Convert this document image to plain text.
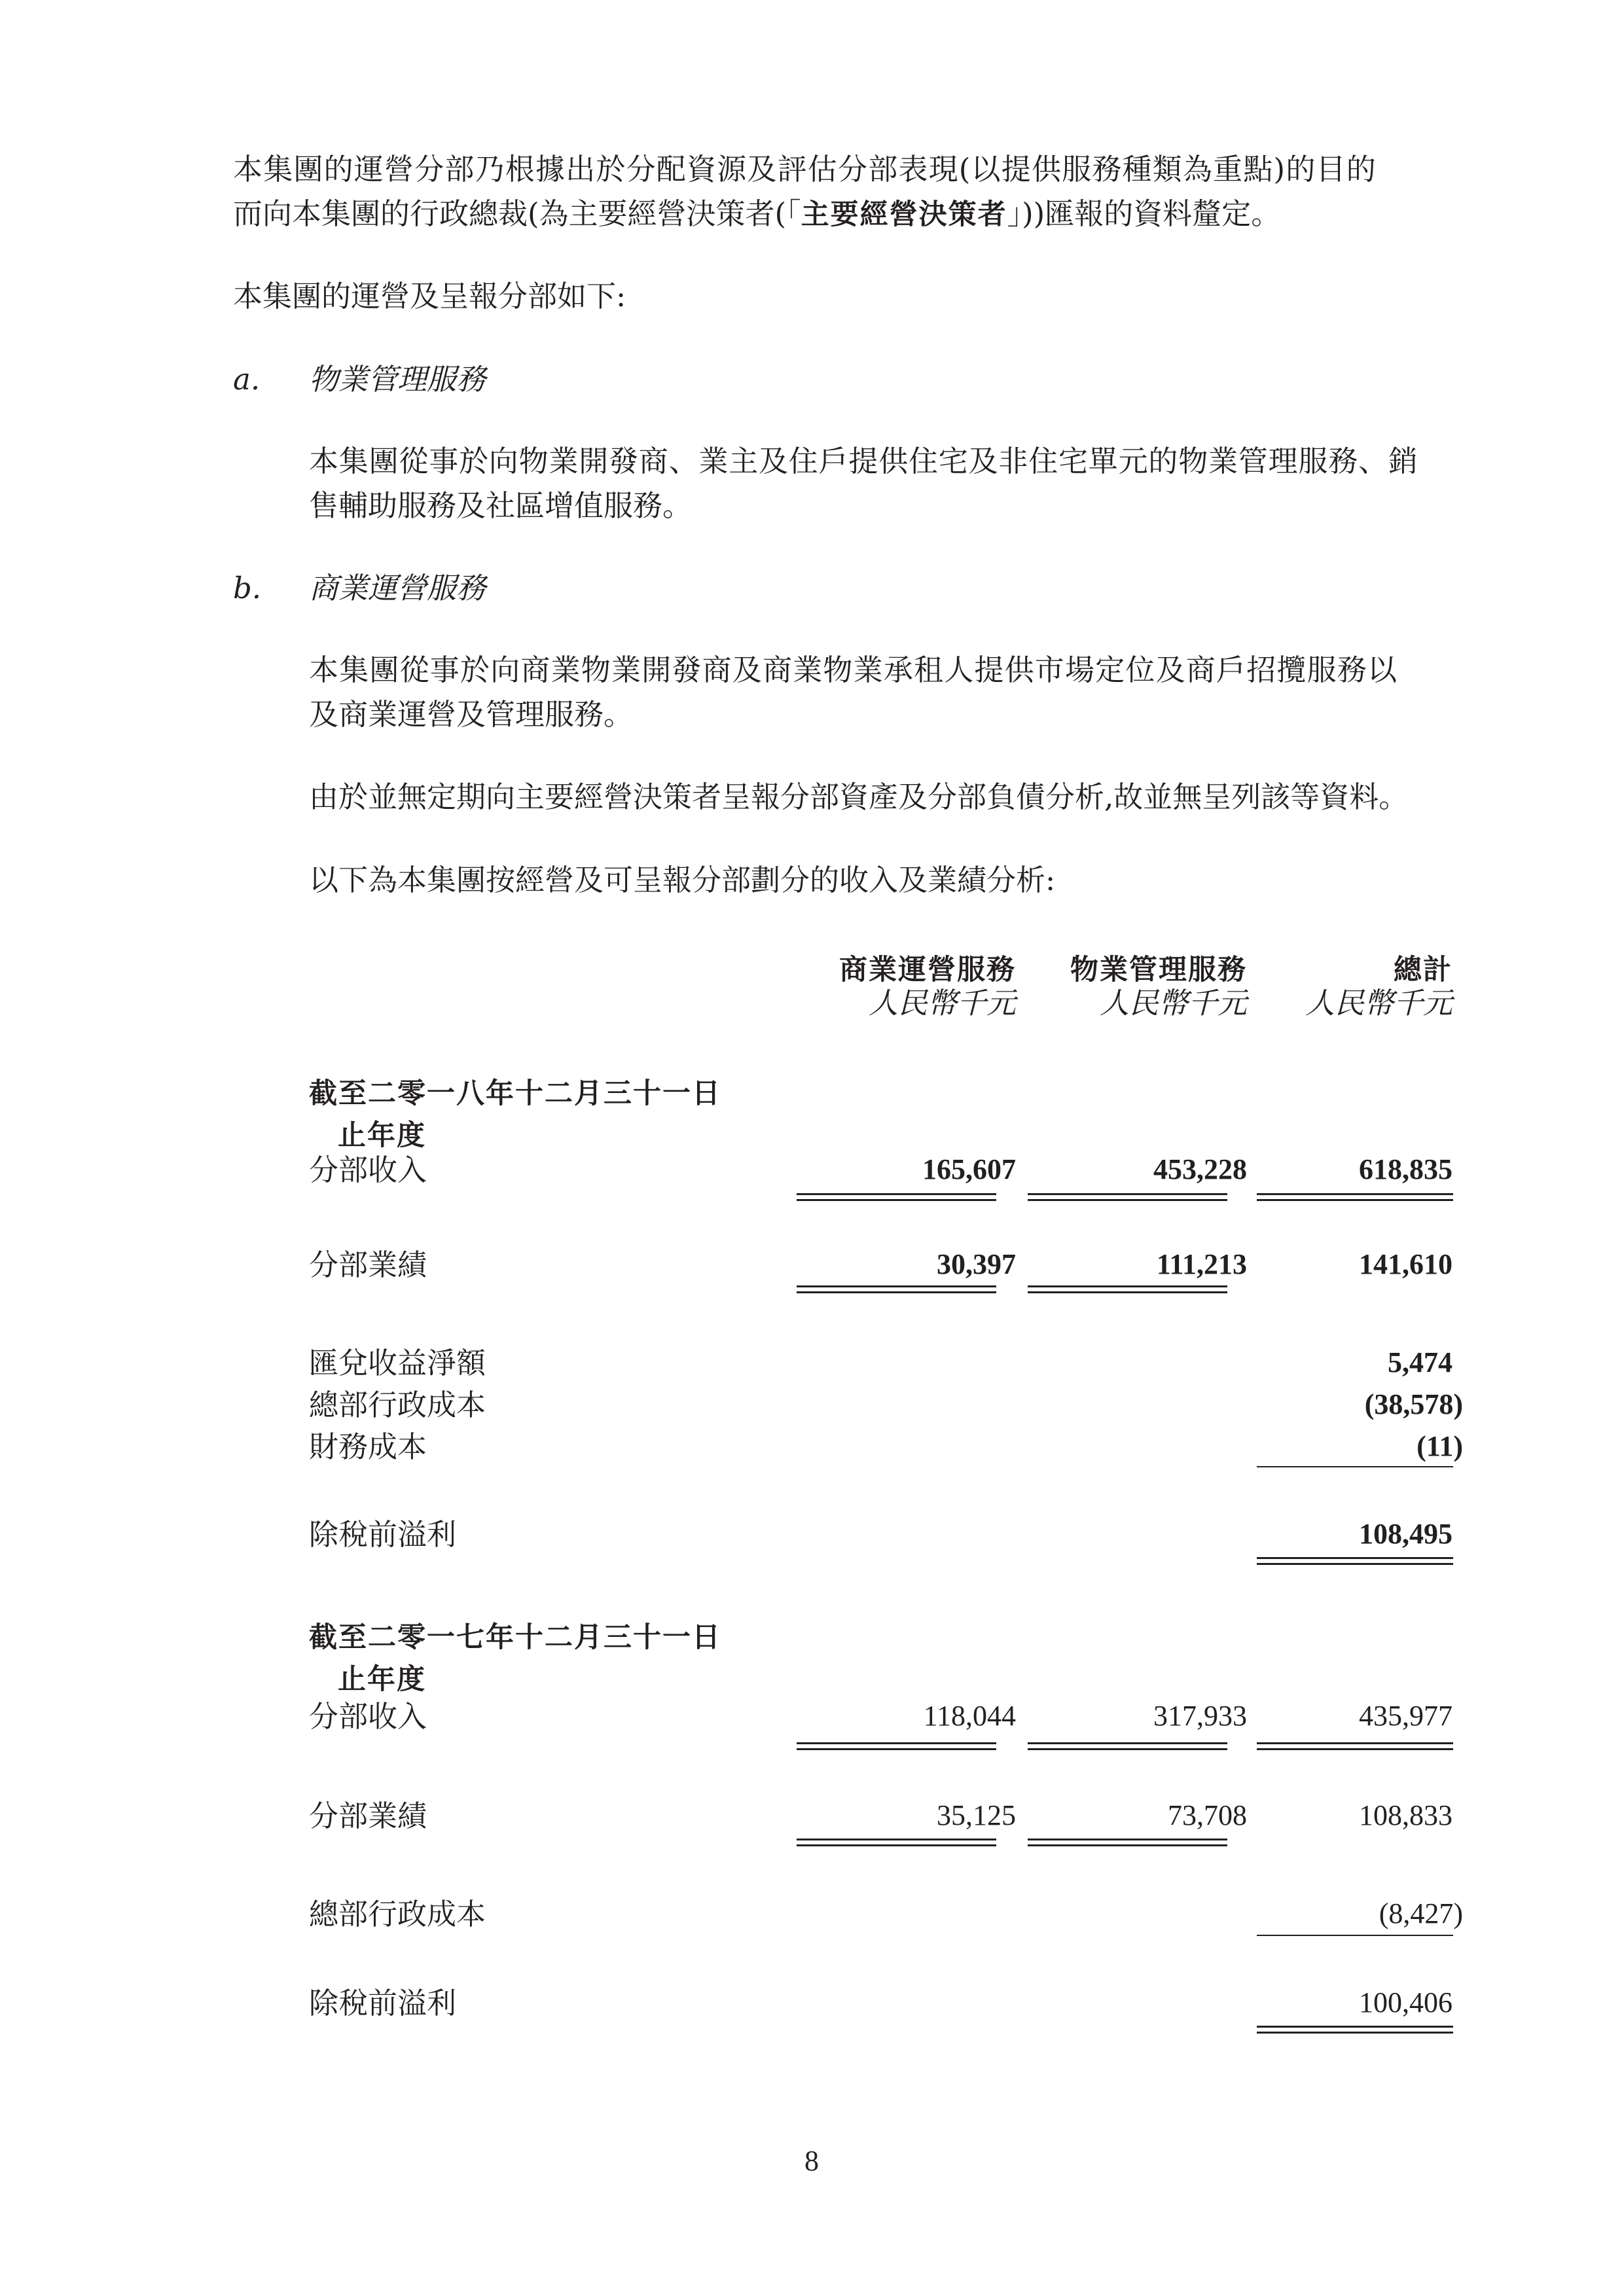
本集團的運營分部乃根據出於分配資源及評估分部表現(以提供服務種類為重點)的目的
而向本集團的行政總裁(為主要經營決策者(「主要經營決策者」))匯報的資料釐定。
本集團的運營及呈報分部如下:
a. 物業管理服務
本集團從事於向物業開發商、業主及住戶提供住宅及非住宅單元的物業管理服務、銷
售輔助服務及社區增值服務。
b. 商業運營服務
本集團從事於向商業物業開發商及商業物業承租人提供市場定位及商戶招攬服務以
及商業運營及管理服務。
由於並無定期向主要經營決策者呈報分部資產及分部負債分析,故並無呈列該等資料。
以下為本集團按經營及可呈報分部劃分的收入及業績分析:
商業運營服務 物業管理服務	總計
人民幣千元	人民幣千元 人民幣千元
截至二零一八年十二月三十一日
止年度
分部收入	165,607	453,228	618,835
分部業績	30,397	111,213	141,610
匯兌收益淨額	5,474
總部行政成本	(38,578)
財務成本	(11)
除稅前溢利	108,495
截至二零一七年十二月三十一日
止年度
分部收入	118,044	317,933	435,977
分部業績	35,125	73,708	108,833
總部行政成本	(8,427)
除稅前溢利	100,406
8
